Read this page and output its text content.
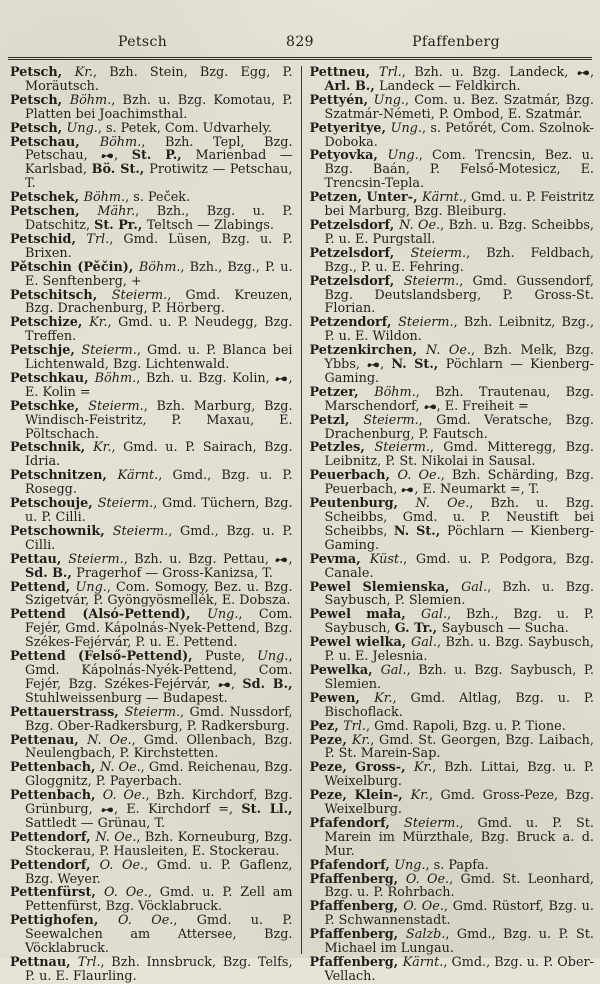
Petsch	829	Pfaffenberg

Petsch, Kr., Bzh. Stein, Bzg. Egg, P. Moräutsch.

Petsch, Böhm., Bzh. u. Bzg. Komotau, P. Platten bei Joachimsthal.

Petsch, Ung., s. Petek, Com. Udvarhely.

Petschau, Böhm., Bzh. Tepl, Bzg. Petschau,
, St. P., Marienbad — Karlsbad, Bö. St., Protiwitz — Petschau, T.

Petschek, Böhm., s. Peček.

Petschen, Mähr., Bzh., Bzg. u. P. Datschitz, St. Pr., Teltsch — Zlabings.

Petschid, Trl., Gmd. Lüsen, Bzg. u. P. Brixen.

Pětschin (Pěčin), Böhm., Bzh., Bzg., P. u. E. Senftenberg, +

Petschitsch, Steierm., Gmd. Kreuzen, Bzg. Drachenburg, P. Hörberg.

Petschize, Kr., Gmd. u. P. Neudegg, Bzg. Treffen.

Petschje, Steierm., Gmd. u. P. Blanca bei Lichtenwald, Bzg. Lichtenwald.

Petschkau, Böhm., Bzh. u. Bzg. Kolin,
, E. Kolin =

Petschke, Steierm., Bzh. Marburg, Bzg. Windisch-Feistritz, P. Maxau, E. Pöltschach.

Petschnik, Kr., Gmd. u. P. Sairach, Bzg. Idria.

Petschnitzen, Kärnt., Gmd., Bzg. u. P. Rosegg.

Petschouje, Steierm., Gmd. Tüchern, Bzg. u. P. Cilli.

Petschownik, Steierm., Gmd., Bzg. u. P. Cilli.

Pettau, Steierm., Bzh. u. Bzg. Pettau,
, Sd. B., Pragerhof — Gross-Kanizsa, T.

Pettend, Ung., Com. Somogy, Bez. u. Bzg. Szigetvár, P. Gyöngyösmellék, E. Dobsza.

Pettend (Alsó-Pettend), Ung., Com. Fejér, Gmd. Kápolnás-Nyek-Pettend, Bzg. Székes-Fejérvár, P. u. E. Pettend.

Pettend (Felső-Pettend), Puste, Ung., Gmd. Kápolnás-Nyék-Pettend, Com. Fejér, Bzg. Székes-Fejérvár,
, Sd. B., Stuhlweissenburg — Budapest.

Pettauerstrass, Steierm., Gmd. Nussdorf, Bzg. Ober-Radkersburg, P. Radkersburg.

Pettenau, N. Oe., Gmd. Ollenbach, Bzg. Neulengbach, P. Kirchstetten.

Pettenbach, N. Oe., Gmd. Reichenau, Bzg. Gloggnitz, P. Payerbach.

Pettenbach, O. Oe., Bzh. Kirchdorf, Bzg. Grünburg,
, E. Kirchdorf =, St. Ll., Sattledt — Grünau, T.

Pettendorf, N. Oe., Bzh. Korneuburg, Bzg. Stockerau, P. Hausleiten, E. Stockerau.

Pettendorf, O. Oe., Gmd. u. P. Gaflenz, Bzg. Weyer.

Pettenfürst, O. Oe., Gmd. u. P. Zell am Pettenfürst, Bzg. Vöcklabruck.

Pettighofen, O. Oe., Gmd. u. P. Seewalchen am Attersee, Bzg. Vöcklabruck.

Pettnau, Trl., Bzh. Innsbruck, Bzg. Telfs, P. u. E. Flaurling.

Pettneu, Trl., Bzh. u. Bzg. Landeck,
, Arl. B., Landeck — Feldkirch.

Pettyén, Ung., Com. u. Bez. Szatmár, Bzg. Szatmár-Németi, P. Ombod, E. Szatmár.

Petyeritye, Ung., s. Petőrét, Com. Szolnok-Doboka.

Petyovka, Ung., Com. Trencsin, Bez. u. Bzg. Baán, P. Felső-Motesicz, E. Trencsin-Tepla.

Petzen, Unter-, Kärnt., Gmd. u. P. Feistritz bei Marburg, Bzg. Bleiburg.

Petzelsdorf, N. Oe., Bzh. u. Bzg. Scheibbs, P. u. E. Purgstall.

Petzelsdorf, Steierm., Bzh. Feldbach, Bzg., P. u. E. Fehring.

Petzelsdorf, Steierm., Gmd. Gussendorf, Bzg. Deutslandsberg, P. Gross-St. Florian.

Petzendorf, Steierm., Bzh. Leibnitz, Bzg., P. u. E. Wildon.

Petzenkirchen, N. Oe., Bzh. Melk, Bzg. Ybbs,
, N. St., Pöchlarn — Kienberg-Gaming.

Petzer, Böhm., Bzh. Trautenau, Bzg. Marschendorf,
, E. Freiheit =

Petzl, Steierm., Gmd. Veratsche, Bzg. Drachenburg, P. Fautsch.

Petzles, Steierm., Gmd. Mitteregg, Bzg. Leibnitz, P. St. Nikolai in Sausal.

Peuerbach, O. Oe., Bzh. Schärding, Bzg. Peuerbach,
, E. Neumarkt =, T.

Peutenburg, N. Oe., Bzh. u. Bzg. Scheibbs, Gmd. u. P. Neustift bei Scheibbs, N. St., Pöchlarn — Kienberg-Gaming.

Pevma, Küst., Gmd. u. P. Podgora, Bzg. Canale.

Pewel Slemienska, Gal., Bzh. u. Bzg. Saybusch, P. Slemien.

Pewel mała, Gal., Bzh., Bzg. u. P. Saybusch, G. Tr., Saybusch — Sucha.

Pewel wielka, Gal., Bzh. u. Bzg. Saybusch, P. u. E. Jelesnia.

Pewelka, Gal., Bzh. u. Bzg. Saybusch, P. Slemien.

Pewen, Kr., Gmd. Altlag, Bzg. u. P. Bischoflack.

Pez, Trl., Gmd. Rapoli, Bzg. u. P. Tione.

Peze, Kr., Gmd. St. Georgen, Bzg. Laibach, P. St. Marein-Sap.

Peze, Gross-, Kr., Bzh. Littai, Bzg. u. P. Weixelburg.

Peze, Klein-, Kr., Gmd. Gross-Peze, Bzg. Weixelburg.

Pfafendorf, Steierm., Gmd. u. P. St. Marein im Mürzthale, Bzg. Bruck a. d. Mur.

Pfafendorf, Ung., s. Papfa.

Pfaffenberg, O. Oe., Gmd. St. Leonhard, Bzg. u. P. Rohrbach.

Pfaffenberg, O. Oe., Gmd. Rüstorf, Bzg. u. P. Schwannenstadt.

Pfaffenberg, Salzb., Gmd., Bzg. u. P. St. Michael im Lungau.

Pfaffenberg, Kärnt., Gmd., Bzg. u. P. Ober-Vellach.
